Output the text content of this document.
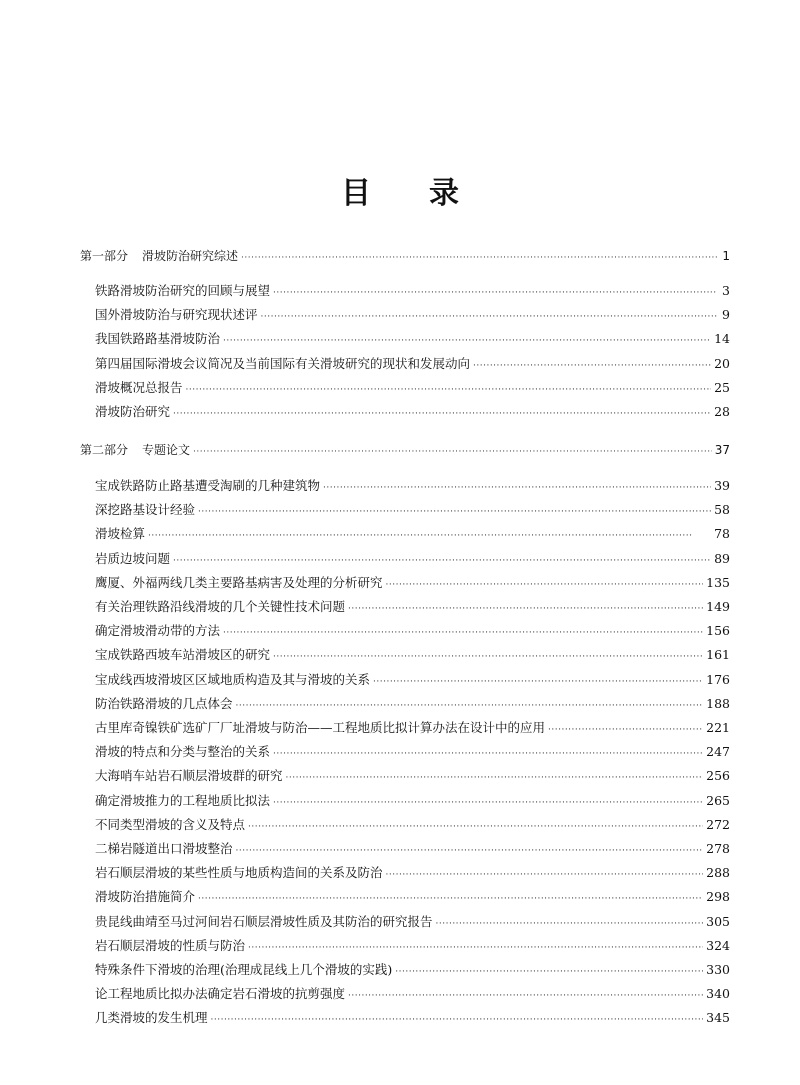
目 录
第一部分 滑坡防治研究综述 ·····	1
铁路滑坡防治研究的回顾与展望 ·····	3
国外滑坡防治与研究现状述评 ·····	9
我国铁路路基滑坡防治 ·····	14
第四届国际滑坡会议简况及当前国际有关滑坡研究的现状和发展动向 ·····	20
滑坡概况总报告 ·····	25
滑坡防治研究 ·····	28
第二部分 专题论文 ·····	37
宝成铁路防止路基遭受淘刷的几种建筑物 ·····	39
深挖路基设计经验 ·····	58
滑坡检算 ·····	78
岩质边坡问题 ·····	89
鹰厦、外福两线几类主要路基病害及处理的分析研究 ·····	135
有关治理铁路沿线滑坡的几个关键性技术问题 ·····	149
确定滑坡滑动带的方法 ·····	156
宝成铁路西坡车站滑坡区的研究 ·····	161
宝成线西坡滑坡区区域地质构造及其与滑坡的关系 ·····	176
防治铁路滑坡的几点体会 ·····	188
古里库奇镍铁矿选矿厂厂址滑坡与防治——工程地质比拟计算办法在设计中的应用 ·····	221
滑坡的特点和分类与整治的关系 ·····	247
大海哨车站岩石顺层滑坡群的研究 ·····	256
确定滑坡推力的工程地质比拟法 ·····	265
不同类型滑坡的含义及特点 ·····	272
二梯岩隧道出口滑坡整治 ·····	278
岩石顺层滑坡的某些性质与地质构造间的关系及防治 ·····	288
滑坡防治措施简介 ·····	298
贵昆线曲靖至马过河间岩石顺层滑坡性质及其防治的研究报告 ·····	305
岩石顺层滑坡的性质与防治 ·····	324
特殊条件下滑坡的治理(治理成昆线上几个滑坡的实践) ·····	330
论工程地质比拟办法确定岩石滑坡的抗剪强度 ·····	340
几类滑坡的发生机理 ·····	345
